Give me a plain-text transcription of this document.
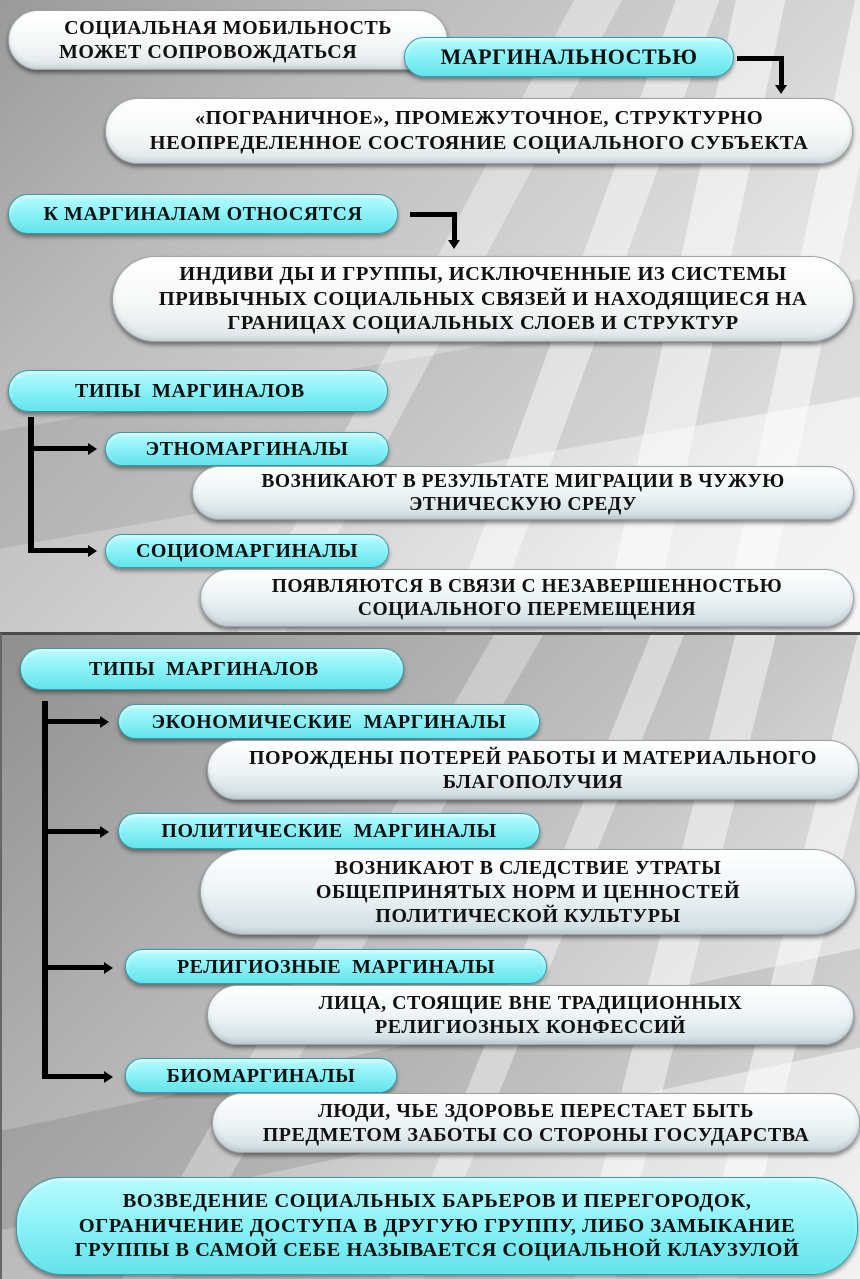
СОЦИАЛЬНАЯ МОБИЛЬНОСТЬ
МОЖЕТ СОПРОВОЖДАТЬСЯ	МАРГИНАЛЬНОСТЬЮ
«ПОГРАНИЧНОЕ», ПРОМЕЖУТОЧНОЕ, СТРУКТУРНО
НЕОПРЕДЕЛЕННОЕ СОСТОЯНИЕ СОЦИАЛЬНОГО СУБЪЕКТА
К МАРГИНАЛАМ ОТНОСЯТСЯ
ИНДИВИ ДЫ И ГРУППЫ, ИСКЛЮЧЕННЫЕ ИЗ СИСТЕМЫ
ПРИВЫЧНЫХ СОЦИАЛЬНЫХ СВЯЗЕЙ И НАХОДЯЩИЕСЯ НА
ГРАНИЦАХ СОЦИАЛЬНЫХ СЛОЕВ И СТРУКТУР
ТИПЫ  МАРГИНАЛОВ
ЭТНОМАРГИНАЛЫ
ВОЗНИКАЮТ В РЕЗУЛЬТАТЕ МИГРАЦИИ В ЧУЖУЮ
ЭТНИЧЕСКУЮ СРЕДУ
СОЦИОМАРГИНАЛЫ
ПОЯВЛЯЮТСЯ В СВЯЗИ С НЕЗАВЕРШЕННОСТЬЮ
СОЦИАЛЬНОГО ПЕРЕМЕЩЕНИЯ
ТИПЫ  МАРГИНАЛОВ
ЭКОНОМИЧЕСКИЕ  МАРГИНАЛЫ
ПОРОЖДЕНЫ ПОТЕРЕЙ РАБОТЫ И МАТЕРИАЛЬНОГО
БЛАГОПОЛУЧИЯ
ПОЛИТИЧЕСКИЕ  МАРГИНАЛЫ
ВОЗНИКАЮТ В СЛЕДСТВИЕ УТРАТЫ
ОБЩЕПРИНЯТЫХ НОРМ И ЦЕННОСТЕЙ
ПОЛИТИЧЕСКОЙ КУЛЬТУРЫ
РЕЛИГИОЗНЫЕ  МАРГИНАЛЫ
ЛИЦА, СТОЯЩИЕ ВНЕ ТРАДИЦИОННЫХ
РЕЛИГИОЗНЫХ КОНФЕССИЙ
БИОМАРГИНАЛЫ
ЛЮДИ, ЧЬЕ ЗДОРОВЬЕ ПЕРЕСТАЕТ БЫТЬ
ПРЕДМЕТОМ ЗАБОТЫ СО СТОРОНЫ ГОСУДАРСТВА
ВОЗВЕДЕНИЕ СОЦИАЛЬНЫХ БАРЬЕРОВ И ПЕРЕГОРОДОК,
ОГРАНИЧЕНИЕ ДОСТУПА В ДРУГУЮ ГРУППУ, ЛИБО ЗАМЫКАНИЕ
ГРУППЫ В САМОЙ СЕБЕ НАЗЫВАЕТСЯ СОЦИАЛЬНОЙ КЛАУЗУЛОЙ
